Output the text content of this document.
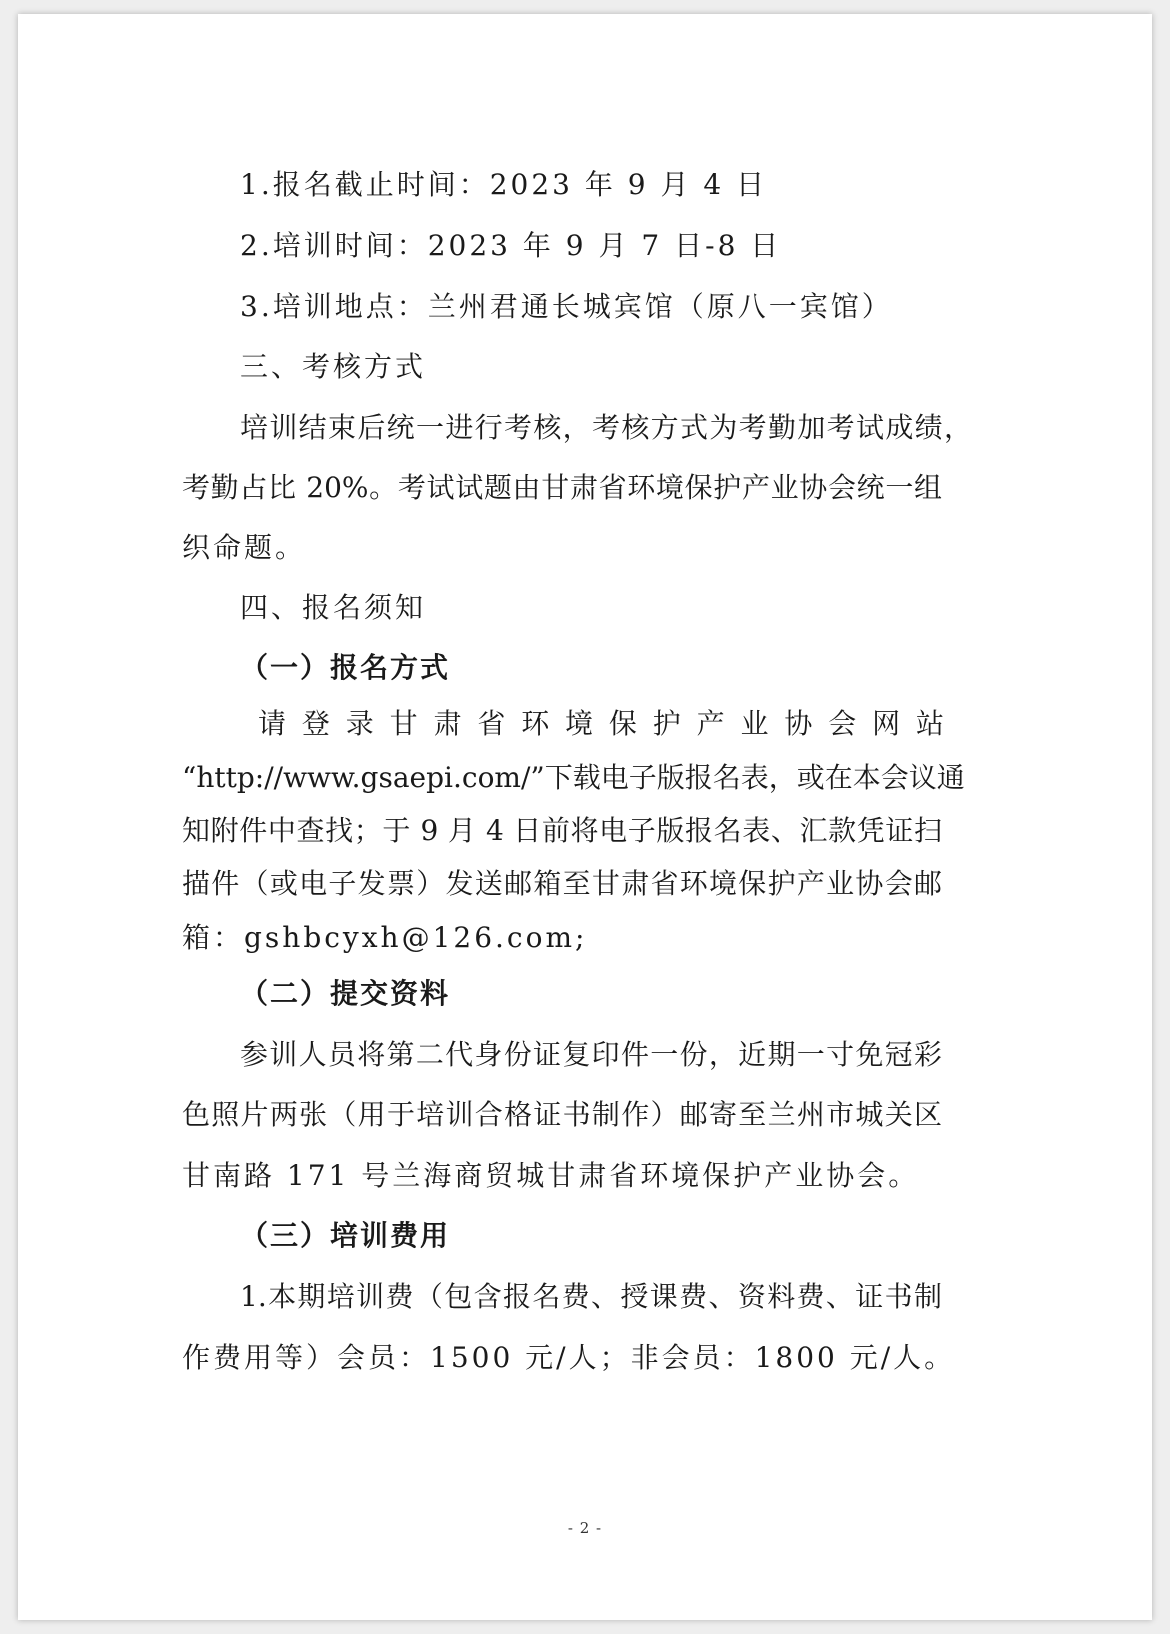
1.报名截止时间：2023 年 9 月 4 日
2.培训时间：2023 年 9 月 7 日-8 日
3.培训地点：兰州君通长城宾馆（原八一宾馆）
三、考核方式
培训结束后统一进行考核，考核方式为考勤加考试成绩，
考勤占比 20%。考试试题由甘肃省环境保护产业协会统一组
织命题。
四、报名须知
（一）报名方式
请登录甘肃省环境保护产业协会网站
“http://www.gsaepi.com/”下载电子版报名表，或在本会议通
知附件中查找；于 9 月 4 日前将电子版报名表、汇款凭证扫
描件（或电子发票）发送邮箱至甘肃省环境保护产业协会邮
箱：gshbcyxh@126.com;
（二）提交资料
参训人员将第二代身份证复印件一份，近期一寸免冠彩
色照片两张（用于培训合格证书制作）邮寄至兰州市城关区
甘南路 171 号兰海商贸城甘肃省环境保护产业协会。
（三）培训费用
1.本期培训费（包含报名费、授课费、资料费、证书制
作费用等）会员：1500 元/人；非会员：1800 元/人。
- 2 -
